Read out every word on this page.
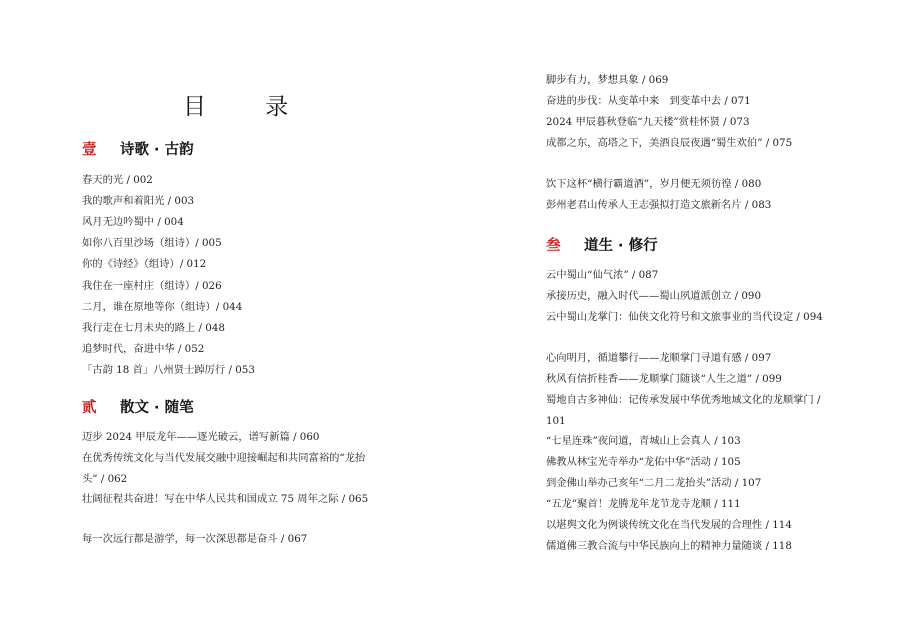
目 录
壹	诗歌 · 古韵
春天的光 / 002
我的歌声和着阳光 / 003
风月无边吟蜀中 / 004
如你八百里沙场（组诗）/ 005
你的《诗经》（组诗）/ 012
我住在一座村庄（组诗）/ 026
二月，谁在原地等你（组诗）/ 044
我行走在七月未央的路上 / 048
追梦时代，奋进中华 / 052
「古韵 18 首」八州贤士踔厉行 / 053
贰	散文 · 随笔
迈步 2024 甲辰龙年——逐光破云，谱写新篇 / 060
在优秀传统文化与当代发展交融中迎接崛起和共同富裕的“龙抬头” / 062
壮阔征程共奋进！写在中华人民共和国成立 75 周年之际 / 065
每一次远行都是游学，每一次深思都是奋斗 / 067
脚步有力，梦想具象 / 069
奋进的步伐：从变革中来　到变革中去 / 071
2024 甲辰暮秋登临“九天楼”赏桂怀贤 / 073
成都之东，高塔之下，美酒良辰夜遇“蜀生欢伯” / 075
饮下这杯“横行霸道酒”，岁月便无须彷徨 / 080
彭州老君山传承人王志强拟打造文旅新名片 / 083
叁	道生 · 修行
云中蜀山“仙气浓” / 087
承接历史，融入时代——蜀山夙道派创立 / 090
云中蜀山龙掌门：仙侠文化符号和文旅事业的当代设定 / 094
心向明月，循道攀行——龙顺掌门寻道有感 / 097
秋风有信折桂香——龙顺掌门随谈“人生之道” / 099
蜀地自古多神仙：记传承发展中华优秀地域文化的龙顺掌门 / 101
“七星连珠”夜问道，青城山上会真人 / 103
佛教从林宝光寺举办“龙佑中华”活动 / 105
到金佛山举办己亥年“二月二龙抬头”活动 / 107
“五龙”聚首！龙腾龙年龙节龙寺龙顺 / 111
以堪舆文化为例谈传统文化在当代发展的合理性 / 114
儒道佛三教合流与中华民族向上的精神力量随谈 / 118
